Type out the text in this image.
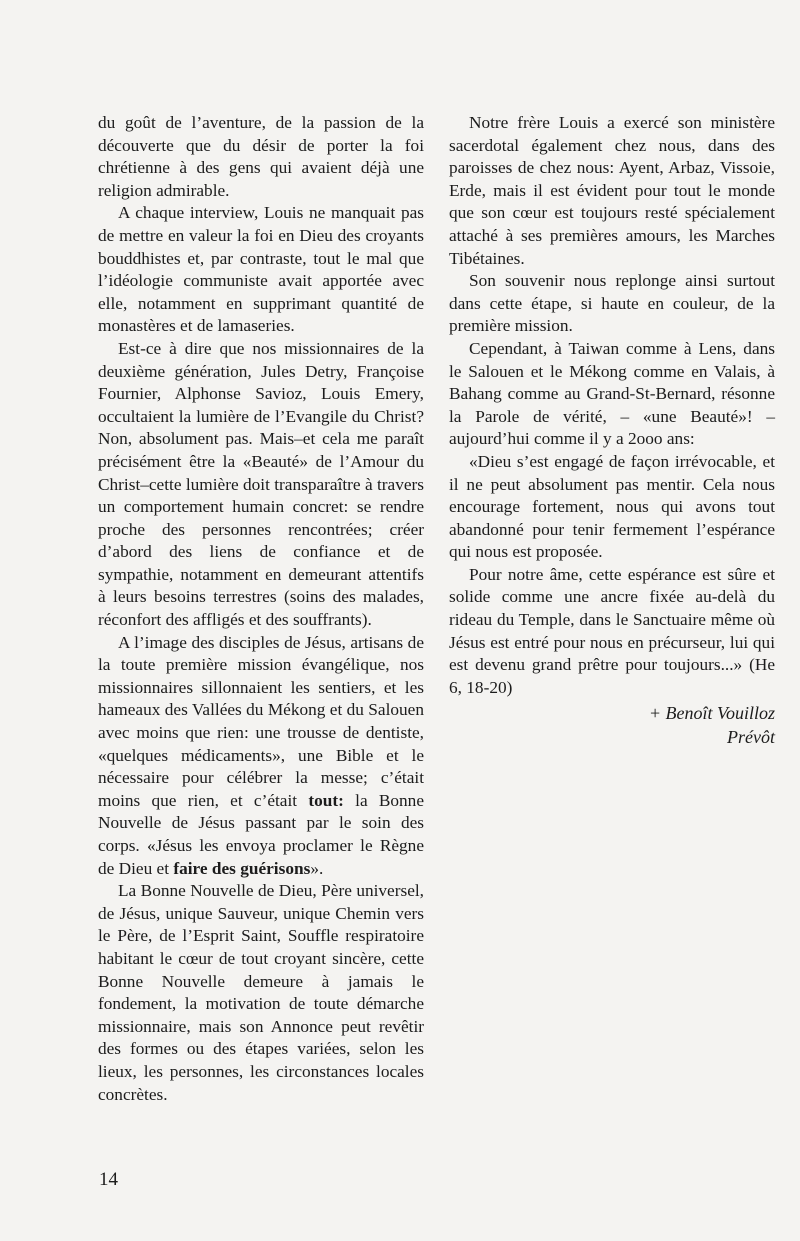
du goût de l’aventure, de la passion de la découverte que du désir de porter la foi chrétienne à des gens qui avaient déjà une religion admirable.

A chaque interview, Louis ne manquait pas de mettre en valeur la foi en Dieu des croyants bouddhistes et, par contraste, tout le mal que l’idéologie communiste avait apportée avec elle, notamment en supprimant quantité de monastères et de lamaseries.

Est-ce à dire que nos missionnaires de la deuxième génération, Jules Detry, Françoise Fournier, Alphonse Savioz, Louis Emery, occultaient la lumière de l’Evangile du Christ? Non, absolument pas. Mais–et cela me paraît précisément être la «Beauté» de l’Amour du Christ–cette lumière doit transparaître à travers un comportement humain concret: se rendre proche des personnes rencontrées; créer d’abord des liens de confiance et de sympathie, notamment en demeurant attentifs à leurs besoins terrestres (soins des malades, réconfort des affligés et des souffrants).

A l’image des disciples de Jésus, artisans de la toute première mission évangélique, nos missionnaires sillonnaient les sentiers, et les hameaux des Vallées du Mékong et du Salouen avec moins que rien: une trousse de dentiste, «quelques médicaments», une Bible et le nécessaire pour célébrer la messe; c’était moins que rien, et c’était tout: la Bonne Nouvelle de Jésus passant par le soin des corps. «Jésus les envoya proclamer le Règne de Dieu et faire des guérisons».

La Bonne Nouvelle de Dieu, Père universel, de Jésus, unique Sauveur, unique Chemin vers le Père, de l’Esprit Saint, Souffle respiratoire habitant le cœur de tout croyant sincère, cette Bonne Nouvelle demeure à jamais le fondement, la motivation de toute démarche missionnaire, mais son Annonce peut revêtir des formes ou des étapes variées, selon les lieux, les personnes, les circonstances locales concrètes.

Notre frère Louis a exercé son ministère sacerdotal également chez nous, dans des paroisses de chez nous: Ayent, Arbaz, Vissoie, Erde, mais il est évident pour tout le monde que son cœur est toujours resté spécialement attaché à ses premières amours, les Marches Tibétaines.

Son souvenir nous replonge ainsi surtout dans cette étape, si haute en couleur, de la première mission.

Cependant, à Taiwan comme à Lens, dans le Salouen et le Mékong comme en Valais, à Bahang comme au Grand-St-Bernard, résonne la Parole de vérité, – «une Beauté»! – aujourd’hui comme il y a 2ooo ans:

«Dieu s’est engagé de façon irrévocable, et il ne peut absolument pas mentir. Cela nous encourage fortement, nous qui avons tout abandonné pour tenir fermement l’espérance qui nous est proposée.

Pour notre âme, cette espérance est sûre et solide comme une ancre fixée au-delà du rideau du Temple, dans le Sanctuaire même où Jésus est entré pour nous en précurseur, lui qui est devenu grand prêtre pour toujours...» (He 6, 18-20)

+ Benoît Vouilloz
Prévôt
14
